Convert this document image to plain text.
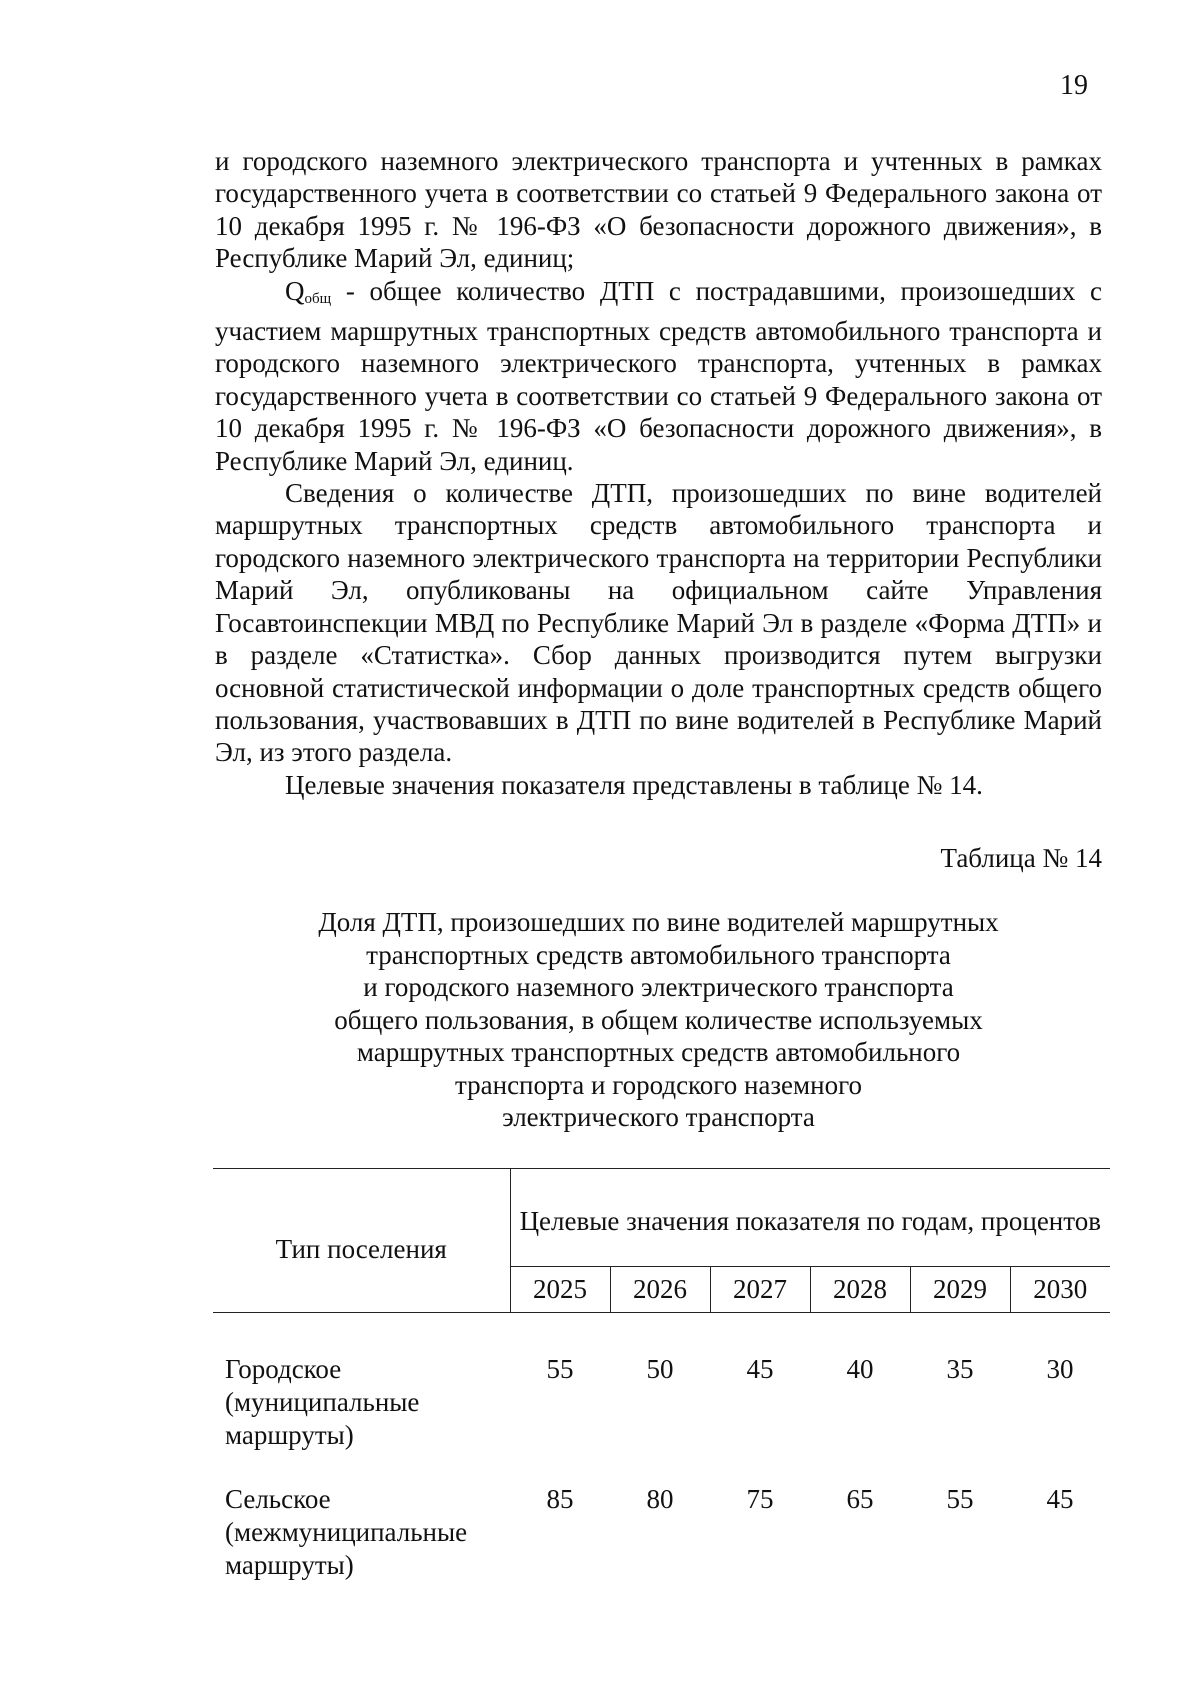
19

и городского наземного электрического транспорта и учтенных в рамках государственного учета в соответствии со статьей 9 Федерального закона от 10 декабря 1995 г. № 196-ФЗ «О безопасности дорожного движения», в Республике Марий Эл, единиц;

$Q_{общ}$ - общее количество ДТП с пострадавшими, произошедших с участием маршрутных транспортных средств автомобильного транспорта и городского наземного электрического транспорта, учтенных в рамках государственного учета в соответствии со статьей 9 Федерального закона от 10 декабря 1995 г. № 196-ФЗ «О безопасности дорожного движения», в Республике Марий Эл, единиц.

Сведения о количестве ДТП, произошедших по вине водителей маршрутных транспортных средств автомобильного транспорта и городского наземного электрического транспорта на территории Республики Марий Эл, опубликованы на официальном сайте Управления Госавтоинспекции МВД по Республике Марий Эл в разделе «Форма ДТП» и в разделе «Статистка». Сбор данных производится путем выгрузки основной статистической информации о доле транспортных средств общего пользования, участвовавших в ДТП по вине водителей в Республике Марий Эл, из этого раздела.

Целевые значения показателя представлены в таблице № 14.

Таблица № 14
Доля ДТП, произошедших по вине водителей маршрутных
транспортных средств автомобильного транспорта
и городского наземного электрического транспорта
общего пользования, в общем количестве используемых
маршрутных транспортных средств автомобильного
транспорта и городского наземного
электрического транспорта
Тип поселения	Целевые значения показателя по годам, процентов					
	2025	2026	2027	2028	2029	2030
Городское (муниципальные маршруты)	55	50	45	40	35	30
Сельское (межмуниципальные маршруты)	85	80	75	65	55	45
